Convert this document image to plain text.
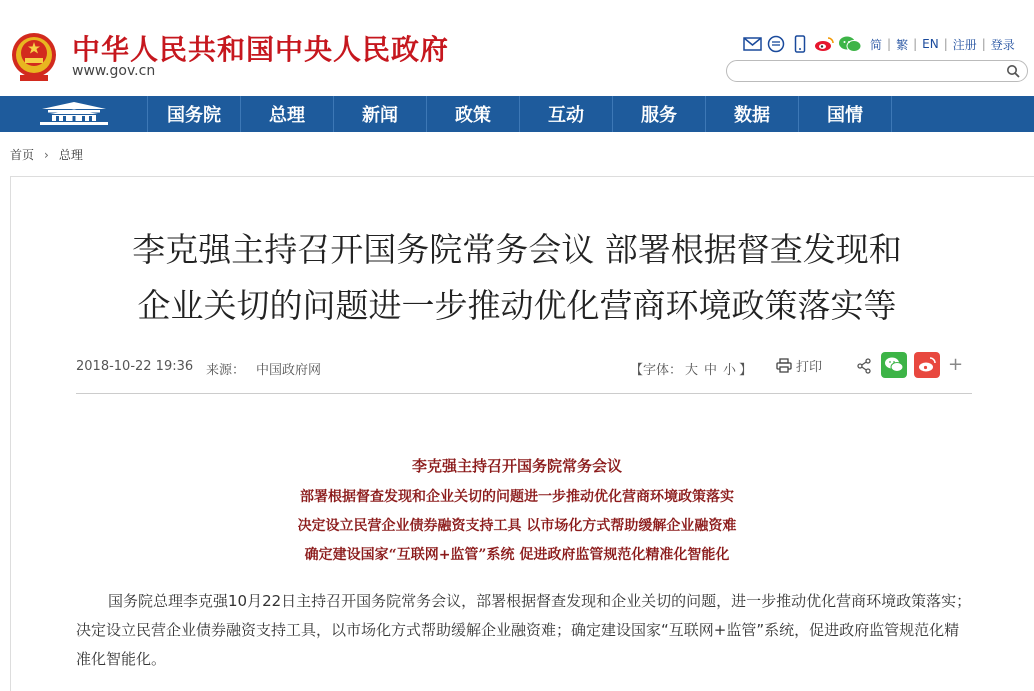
中华人民共和国中央人民政府
www.gov.cn
简 | 繁 | EN | 注册 | 登录
国务院	总理	新闻	政策	互动	服务	数据	国情
首页 › 总理
李克强主持召开国务院常务会议 部署根据督查发现和
企业关切的问题进一步推动优化营商环境政策落实等
2018-10-22 19:36 来源： 中国政府网	【字体： 大 中 小 】	打印	+
李克强主持召开国务院常务会议
部署根据督查发现和企业关切的问题进一步推动优化营商环境政策落实
决定设立民营企业债券融资支持工具 以市场化方式帮助缓解企业融资难
确定建设国家“互联网+监管”系统 促进政府监管规范化精准化智能化
国务院总理李克强10月22日主持召开国务院常务会议，部署根据督查发现和企业关切的问题，进一步推动优化营商环境政策落实；决定设立民营企业债券融资支持工具，以市场化方式帮助缓解企业融资难；确定建设国家“互联网+监管”系统，促进政府监管规范化精准化智能化。
